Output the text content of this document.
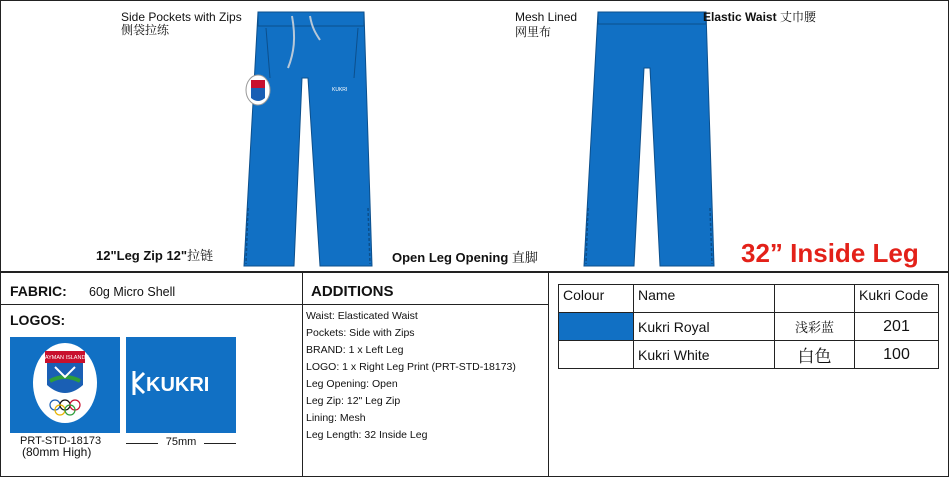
KUKRI
Side Pockets with Zips
侧袋拉练
Mesh Lined
网里布
Elastic Waist 丈巾腰
12"Leg Zip 12"拉链	Open Leg Opening 直脚	32” Inside Leg
FABRIC: 60g Micro Shell
LOGOS:
CAYMAN ISLANDS
KUKRI
PRT-STD-18173
(80mm High)
75mm
ADDITIONS
Waist: Elasticated Waist
Pockets: Side with Zips
BRAND: 1 x Left Leg
LOGO: 1 x Right Leg Print (PRT-STD-18173)
Leg Opening: Open
Leg Zip: 12" Leg Zip
Lining: Mesh
Leg Length: 32 Inside Leg
Colour	Name		Kukri Code
	Kukri Royal	浅彩蓝	201
	Kukri White	白色	100
